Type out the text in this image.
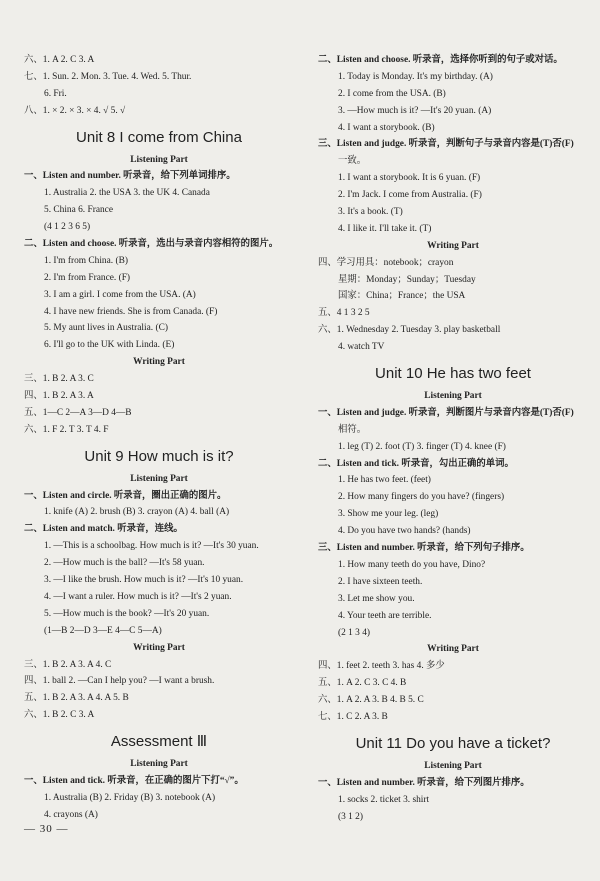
六、1. A 2. C 3. A
七、1. Sun. 2. Mon. 3. Tue. 4. Wed. 5. Thur.
6. Fri.
八、1. × 2. × 3. × 4. √ 5. √
Unit 8 I come from China
Listening Part
一、Listen and number. 听录音，给下列单词排序。
1. Australia 2. the USA 3. the UK 4. Canada
5. China 6. France
(4 1 2 3 6 5)
二、Listen and choose. 听录音，选出与录音内容相符的图片。
1. I'm from China. (B)
2. I'm from France. (F)
3. I am a girl. I come from the USA. (A)
4. I have new friends. She is from Canada. (F)
5. My aunt lives in Australia. (C)
6. I'll go to the UK with Linda. (E)
Writing Part
三、1. B 2. A 3. C
四、1. B 2. A 3. A
五、1—C 2—A 3—D 4—B
六、1. F 2. T 3. T 4. F
Unit 9 How much is it?
Listening Part
一、Listen and circle. 听录音，圈出正确的图片。
1. knife (A) 2. brush (B) 3. crayon (A) 4. ball (A)
二、Listen and match. 听录音，连线。
1. —This is a schoolbag. How much is it? —It's 30 yuan.
2. —How much is the ball? —It's 58 yuan.
3. —I like the brush. How much is it? —It's 10 yuan.
4. —I want a ruler. How much is it? —It's 2 yuan.
5. —How much is the book? —It's 20 yuan.
(1—B 2—D 3—E 4—C 5—A)
Writing Part
三、1. B 2. A 3. A 4. C
四、1. ball 2. —Can I help you? —I want a brush.
五、1. B 2. A 3. A 4. A 5. B
六、1. B 2. C 3. A
Assessment Ⅲ
Listening Part
一、Listen and tick. 听录音，在正确的图片下打“√”。
1. Australia (B) 2. Friday (B) 3. notebook (A)
4. crayons (A)
二、Listen and choose. 听录音，选择你听到的句子或对话。
1. Today is Monday. It's my birthday. (A)
2. I come from the USA. (B)
3. —How much is it? —It's 20 yuan. (A)
4. I want a storybook. (B)
三、Listen and judge. 听录音，判断句子与录音内容是(T)否(F)
一致。
1. I want a storybook. It is 6 yuan. (F)
2. I'm Jack. I come from Australia. (F)
3. It's a book. (T)
4. I like it. I'll take it. (T)
Writing Part
四、学习用具：notebook；crayon
星期：Monday；Sunday；Tuesday
国家：China；France；the USA
五、4 1 3 2 5
六、1. Wednesday 2. Tuesday 3. play basketball
4. watch TV
Unit 10 He has two feet
Listening Part
一、Listen and judge. 听录音，判断图片与录音内容是(T)否(F)
相符。
1. leg (T) 2. foot (T) 3. finger (T) 4. knee (F)
二、Listen and tick. 听录音，勾出正确的单词。
1. He has two feet. (feet)
2. How many fingers do you have? (fingers)
3. Show me your leg. (leg)
4. Do you have two hands? (hands)
三、Listen and number. 听录音，给下列句子排序。
1. How many teeth do you have, Dino?
2. I have sixteen teeth.
3. Let me show you.
4. Your teeth are terrible.
(2 1 3 4)
Writing Part
四、1. feet 2. teeth 3. has 4. 多少
五、1. A 2. C 3. C 4. B
六、1. A 2. A 3. B 4. B 5. C
七、1. C 2. A 3. B
Unit 11 Do you have a ticket?
Listening Part
一、Listen and number. 听录音，给下列图片排序。
1. socks 2. ticket 3. shirt
(3 1 2)
— 30 —
